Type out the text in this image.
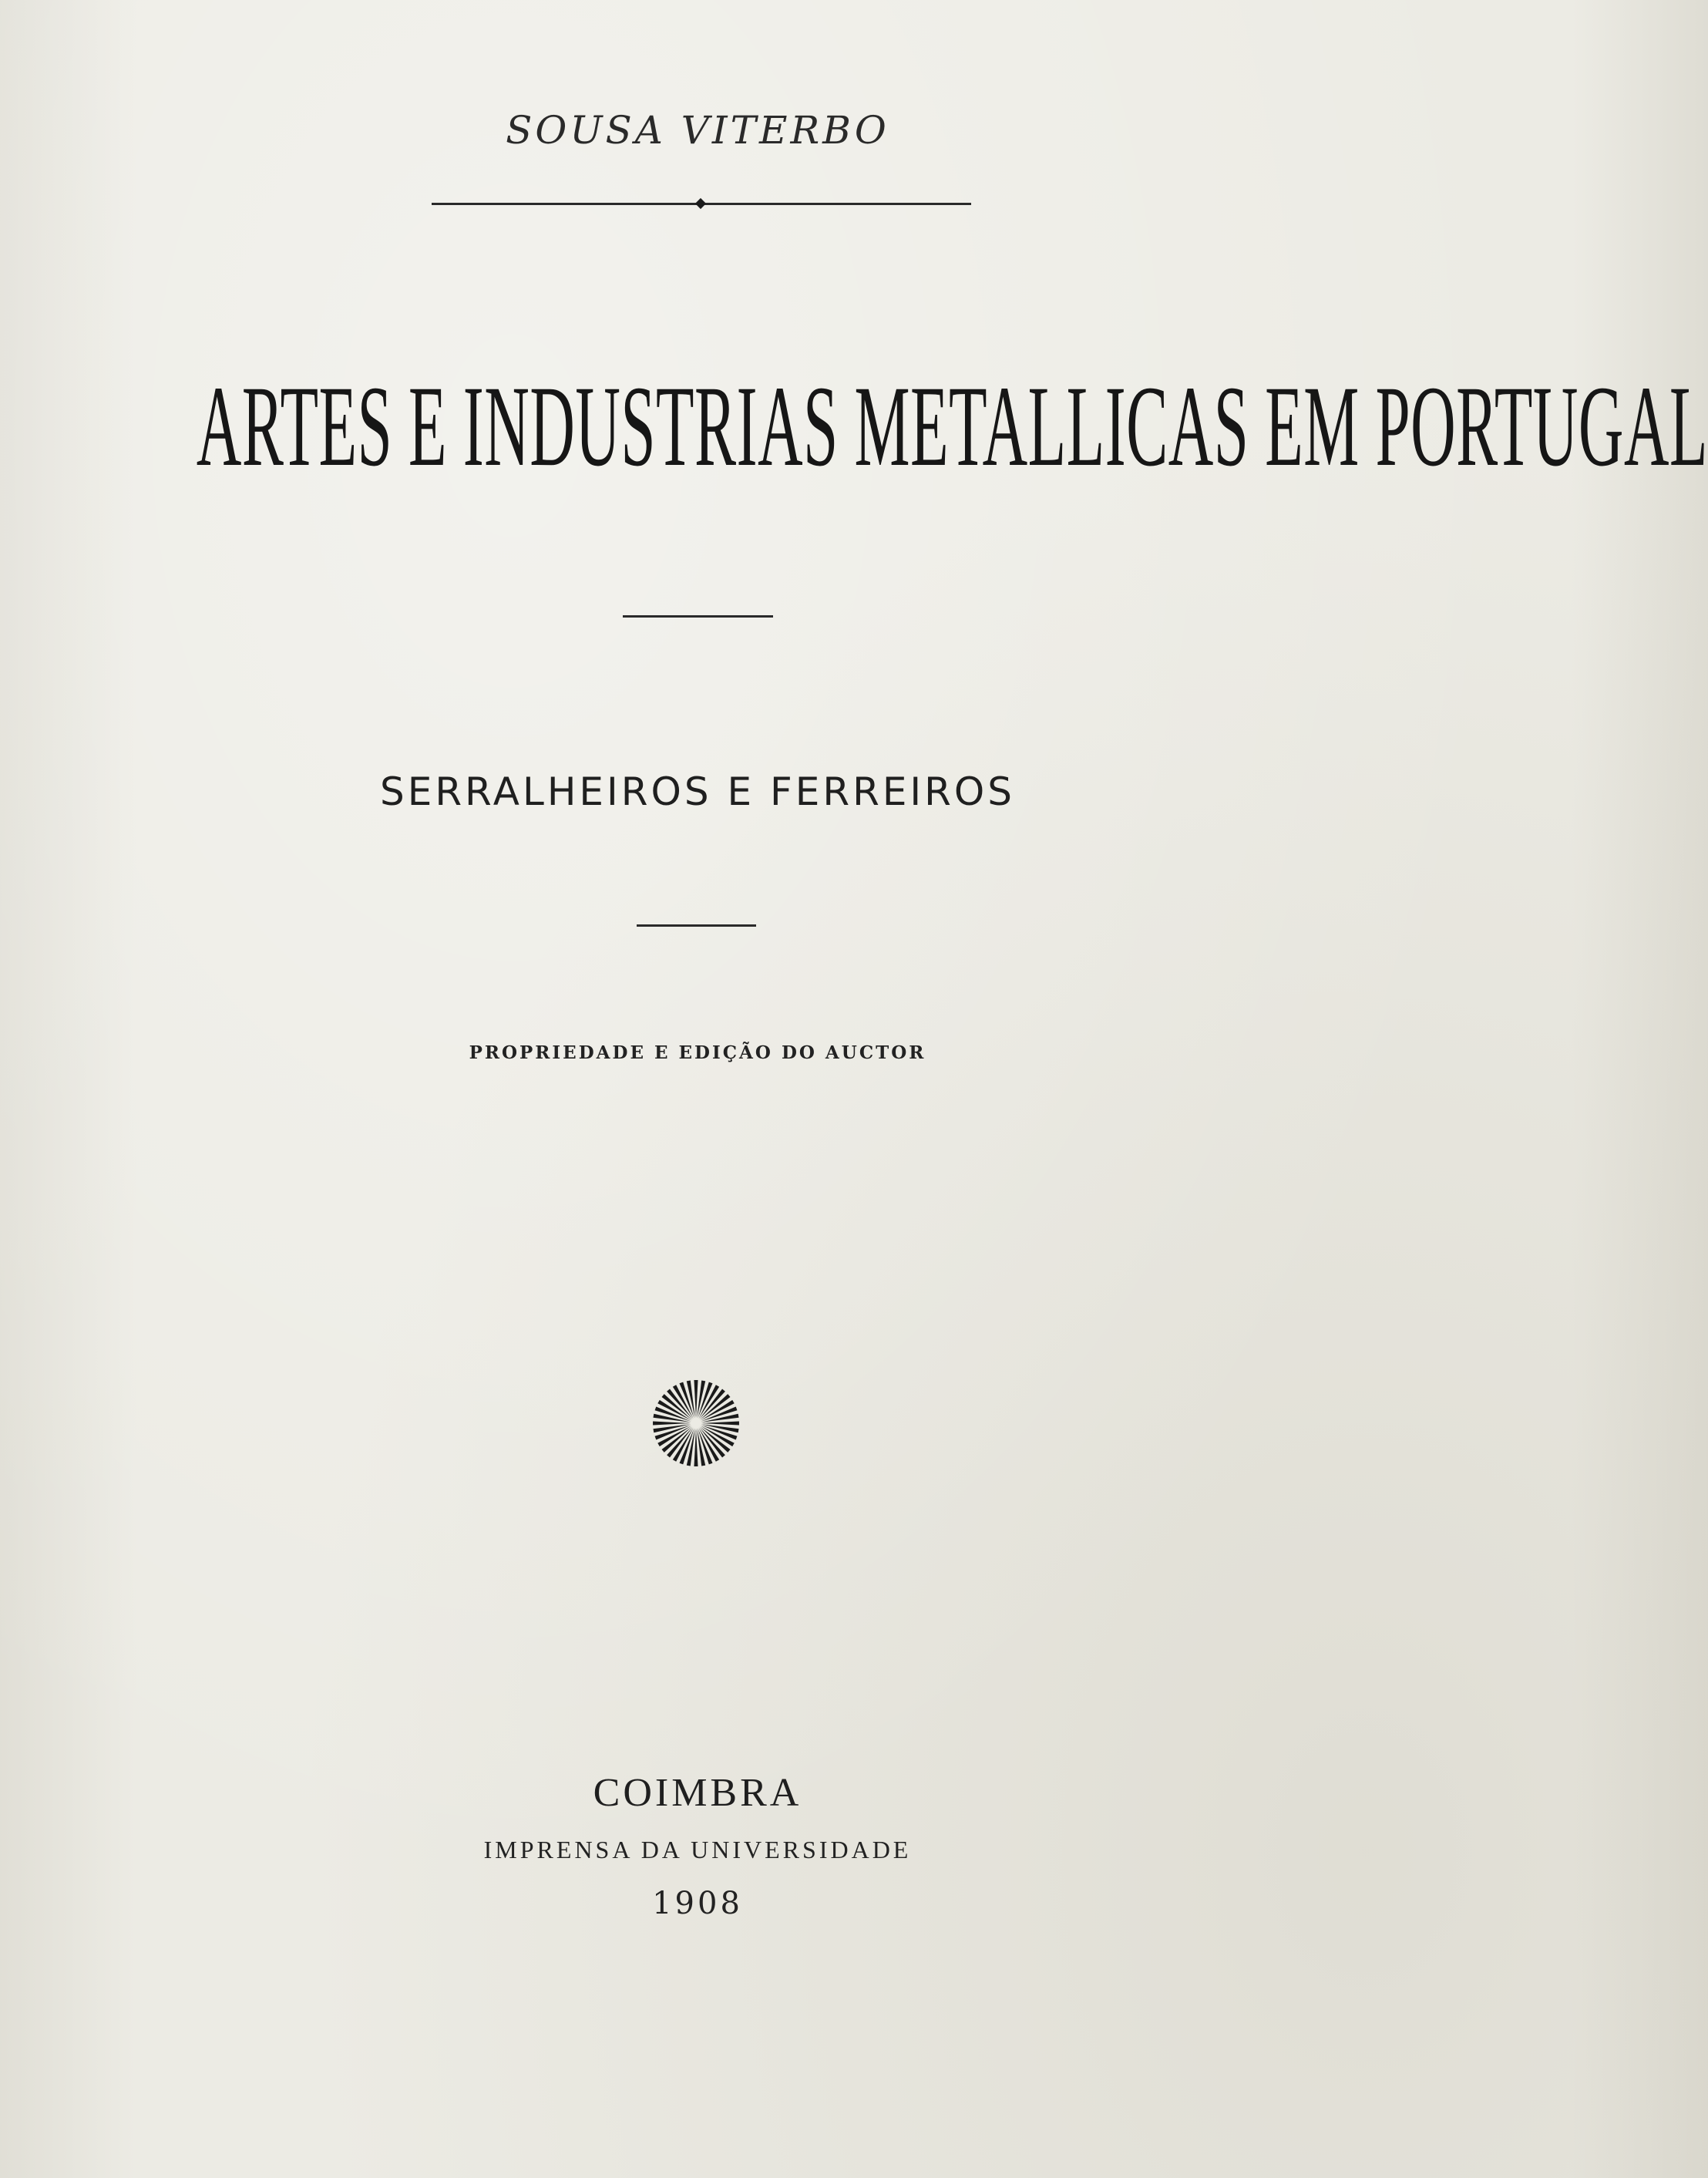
SOUSA VITERBO
ARTES E INDUSTRIAS METALLICAS EM PORTUGAL
SERRALHEIROS E FERREIROS
PROPRIEDADE E EDIÇÃO DO AUCTOR
COIMBRA
IMPRENSA DA UNIVERSIDADE
1908
